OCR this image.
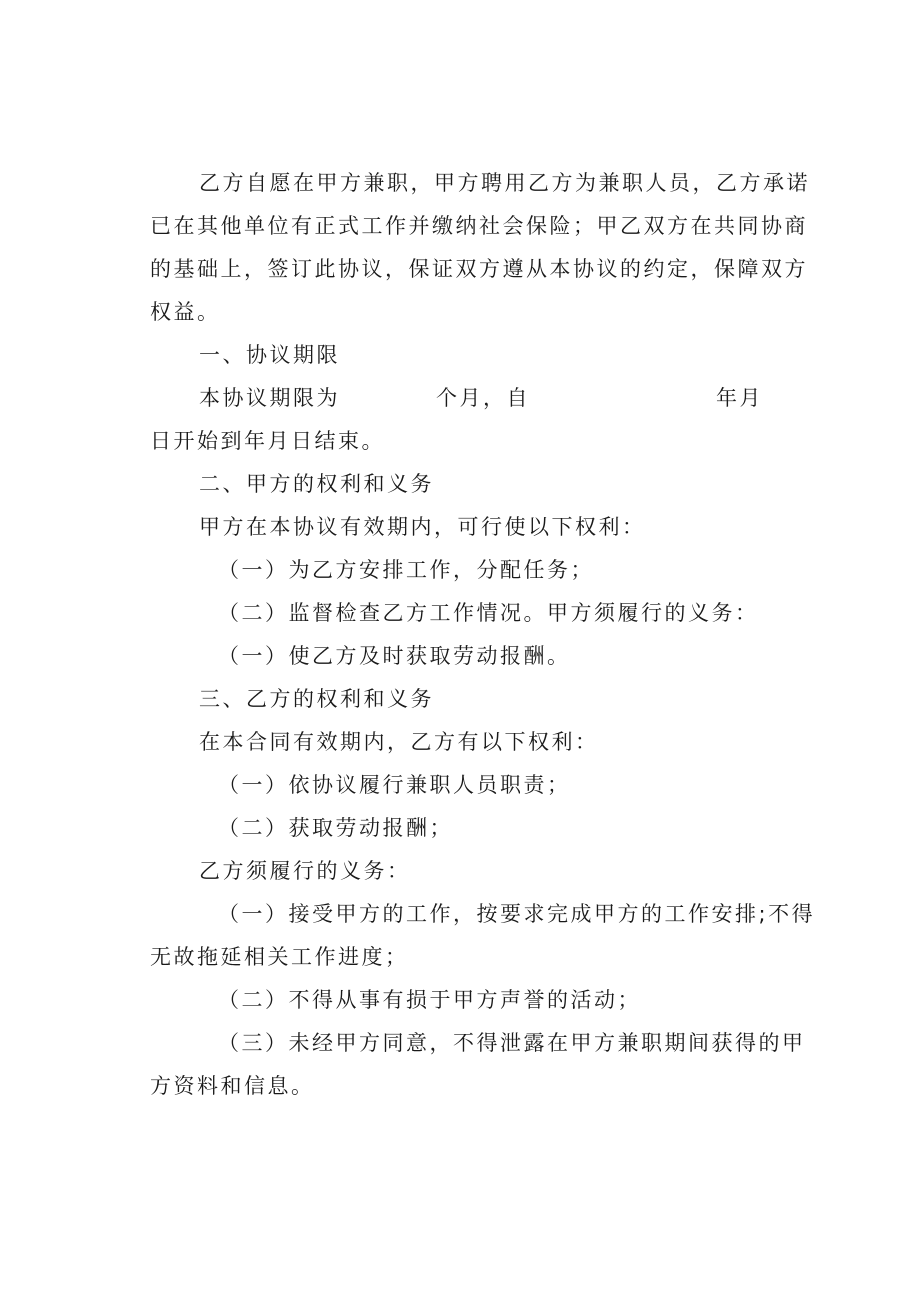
乙方自愿在甲方兼职，甲方聘用乙方为兼职人员，乙方承诺
已在其他单位有正式工作并缴纳社会保险；甲乙双方在共同协商
的基础上，签订此协议，保证双方遵从本协议的约定，保障双方
权益。

一、协议期限

本协议期限为	个月，自	年月

日开始到年月日结束。

二、甲方的权利和义务

甲方在本协议有效期内，可行使以下权利：

（一）为乙方安排工作，分配任务；

（二）监督检查乙方工作情况。甲方须履行的义务：

（一）使乙方及时获取劳动报酬。

三、乙方的权利和义务

在本合同有效期内，乙方有以下权利：

（一）依协议履行兼职人员职责；

（二）获取劳动报酬；

乙方须履行的义务：

（一）接受甲方的工作，按要求完成甲方的工作安排;不得
无故拖延相关工作进度；

（二）不得从事有损于甲方声誉的活动；

（三）未经甲方同意，不得泄露在甲方兼职期间获得的甲
方资料和信息。
